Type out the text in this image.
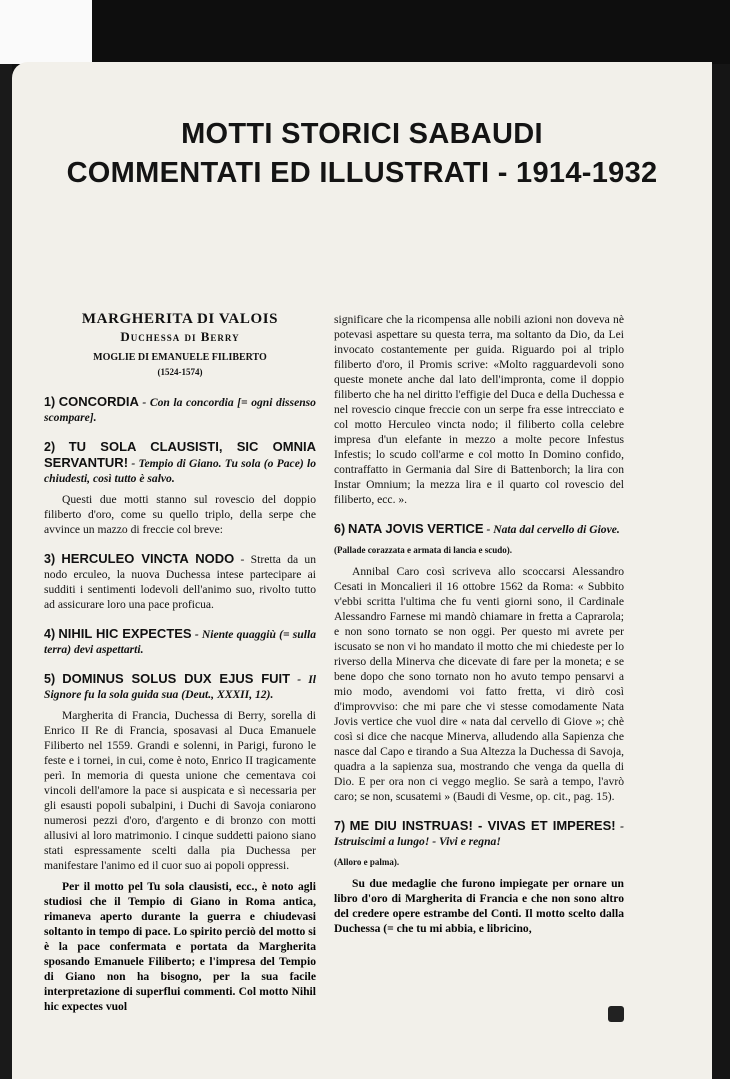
MOTTI STORICI SABAUDI
COMMENTATI ED ILLUSTRATI - 1914-1932

MARGHERITA DI VALOIS

Duchessa di Berry

MOGLIE DI EMANUELE FILIBERTO

(1524-1574)

1) CONCORDIA - Con la concordia [= ogni dissenso scompare].

2) TU SOLA CLAUSISTI, SIC OMNIA SERVANTUR! - Tempio di Giano. Tu sola (o Pace) lo chiudesti, così tutto è salvo.

Questi due motti stanno sul rovescio del doppio filiberto d'oro, come su quello triplo, della serpe che avvince un mazzo di freccie col breve:

3) HERCULEO VINCTA NODO - Stretta da un nodo erculeo, la nuova Duchessa intese partecipare ai sudditi i sentimenti lodevoli dell'animo suo, rivolto tutto ad assicurare loro una pace proficua.

4) NIHIL HIC EXPECTES - Niente quaggiù (= sulla terra) devi aspettarti.

5) DOMINUS SOLUS DUX EJUS FUIT - Il Signore fu la sola guida sua (Deut., XXXII, 12).

Margherita di Francia, Duchessa di Berry, sorella di Enrico II Re di Francia, sposavasi al Duca Emanuele Filiberto nel 1559. Grandi e solenni, in Parigi, furono le feste e i tornei, in cui, come è noto, Enrico II tragicamente perì. In memoria di questa unione che cementava coi vincoli dell'amore la pace si auspicata e sì necessaria per gli esausti popoli subalpini, i Duchi di Savoja coniarono numerosi pezzi d'oro, d'argento e di bronzo con motti allusivi al loro matrimonio. I cinque suddetti paiono siano stati espressamente scelti dalla pia Duchessa per manifestare l'animo ed il cuor suo ai popoli oppressi.

Per il motto pel Tu sola clausisti, ecc., è noto agli studiosi che il Tempio di Giano in Roma antica, rimaneva aperto durante la guerra e chiudevasi soltanto in tempo di pace. Lo spirito perciò del motto si è la pace confermata e portata da Margherita sposando Emanuele Filiberto; e l'impresa del Tempio di Giano non ha bisogno, per la sua facile interpretazione di superflui commenti. Col motto Nihil hic expectes vuol

significare che la ricompensa alle nobili azioni non doveva nè potevasi aspettare su questa terra, ma soltanto da Dio, da Lei invocato costantemente per guida. Riguardo poi al triplo filiberto d'oro, il Promis scrive: «Molto ragguardevoli sono queste monete anche dal lato dell'impronta, come il doppio filiberto che ha nel diritto l'effigie del Duca e della Duchessa e nel rovescio cinque freccie con un serpe fra esse intrecciato e col motto Herculeo vincta nodo; il filiberto colla celebre impresa d'un elefante in mezzo a molte pecore Infestus Infestis; lo scudo coll'arme e col motto In Domino confido, contraffatto in Germania dal Sire di Battenborch; la lira con Instar Omnium; la mezza lira e il quarto col rovescio del filiberto, ecc. ».

6) NATA JOVIS VERTICE - Nata dal cervello di Giove.

(Pallade corazzata e armata di lancia e scudo).

Annibal Caro così scriveva allo scoccarsi Alessandro Cesati in Moncalieri il 16 ottobre 1562 da Roma: « Subbito v'ebbi scritta l'ultima che fu venti giorni sono, il Cardinale Alessandro Farnese mi mandò chiamare in fretta a Caprarola; e non sono tornato se non oggi. Per questo mi avrete per iscusato se non vi ho mandato il motto che mi chiedeste per lo riverso della Minerva che dicevate di fare per la moneta; e se bene dopo che sono tornato non ho avuto tempo pensarvi a mio modo, avendomi voi fatto fretta, vi dirò così d'improvviso: che mi pare che vi stesse comodamente Nata Jovis vertice che vuol dire « nata dal cervello di Giove »; chè così si dice che nacque Minerva, alludendo alla Sapienza che nasce dal Capo e tirando a Sua Altezza la Duchessa di Savoja, quadra a la sapienza sua, mostrando che venga da quella di Dio. E per ora non ci veggo meglio. Se sarà a tempo, l'avrò caro; se non, scusatemi » (Baudi di Vesme, op. cit., pag. 15).

7) ME DIU INSTRUAS! - VIVAS ET IMPERES! - Istruiscimi a lungo! - Vivi e regna!

(Alloro e palma).

Su due medaglie che furono impiegate per ornare un libro d'oro di Margherita di Francia e che non sono altro del credere opere estrambe del Conti. Il motto scelto dalla Duchessa (= che tu mi abbia, e libricino,
